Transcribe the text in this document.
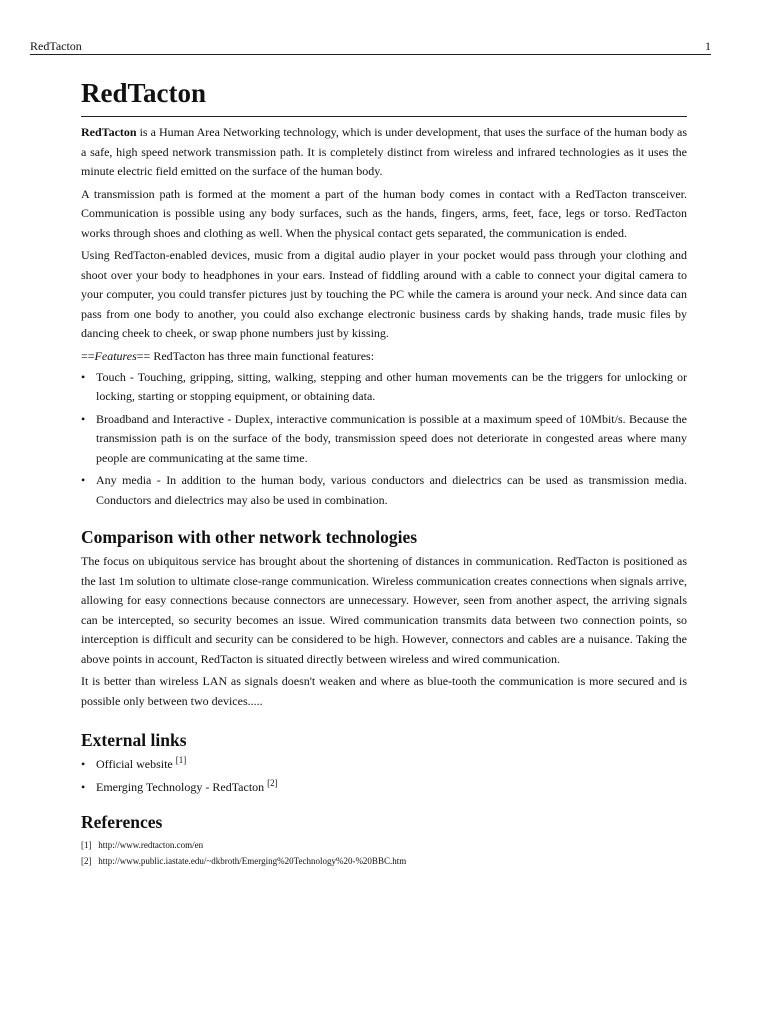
RedTacton	1
RedTacton

RedTacton is a Human Area Networking technology, which is under development, that uses the surface of the human body as a safe, high speed network transmission path. It is completely distinct from wireless and infrared technologies as it uses the minute electric field emitted on the surface of the human body.

A transmission path is formed at the moment a part of the human body comes in contact with a RedTacton transceiver. Communication is possible using any body surfaces, such as the hands, fingers, arms, feet, face, legs or torso. RedTacton works through shoes and clothing as well. When the physical contact gets separated, the communication is ended.

Using RedTacton-enabled devices, music from a digital audio player in your pocket would pass through your clothing and shoot over your body to headphones in your ears. Instead of fiddling around with a cable to connect your digital camera to your computer, you could transfer pictures just by touching the PC while the camera is around your neck. And since data can pass from one body to another, you could also exchange electronic business cards by shaking hands, trade music files by dancing cheek to cheek, or swap phone numbers just by kissing.

==Features== RedTacton has three main functional features:
• Touch - Touching, gripping, sitting, walking, stepping and other human movements can be the triggers for unlocking or locking, starting or stopping equipment, or obtaining data.
• Broadband and Interactive - Duplex, interactive communication is possible at a maximum speed of 10Mbit/s. Because the transmission path is on the surface of the body, transmission speed does not deteriorate in congested areas where many people are communicating at the same time.
• Any media - In addition to the human body, various conductors and dielectrics can be used as transmission media. Conductors and dielectrics may also be used in combination.
Comparison with other network technologies

The focus on ubiquitous service has brought about the shortening of distances in communication. RedTacton is positioned as the last 1m solution to ultimate close-range communication. Wireless communication creates connections when signals arrive, allowing for easy connections because connectors are unnecessary. However, seen from another aspect, the arriving signals can be intercepted, so security becomes an issue. Wired communication transmits data between two connection points, so interception is difficult and security can be considered to be high. However, connectors and cables are a nuisance. Taking the above points in account, RedTacton is situated directly between wireless and wired communication.

It is better than wireless LAN as signals doesn't weaken and where as blue-tooth the communication is more secured and is possible only between two devices.....

External links
• Official website [1]
• Emerging Technology - RedTacton [2]
References
[1] http://www.redtacton.com/en
[2] http://www.public.iastate.edu/~dkbroth/Emerging%20Technology%20-%20BBC.htm
